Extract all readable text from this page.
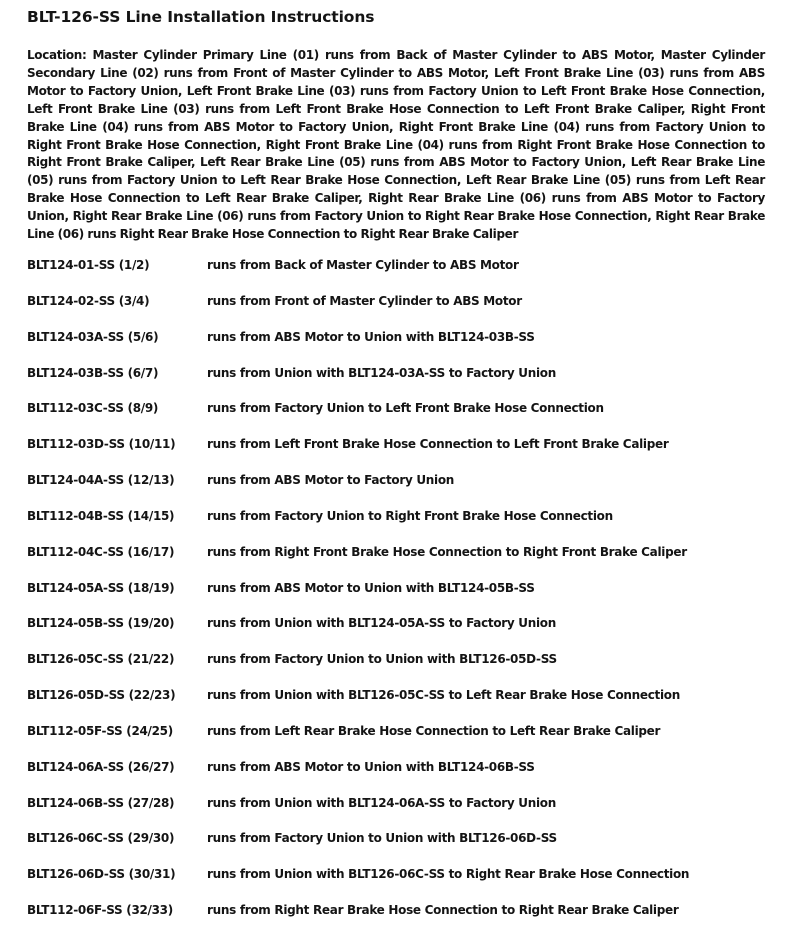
BLT-126-SS Line Installation Instructions

Location: Master Cylinder Primary Line (01) runs from Back of Master Cylinder to ABS Motor, Master Cylinder Secondary Line (02) runs from Front of Master Cylinder to ABS Motor, Left Front Brake Line (03) runs from ABS Motor to Factory Union, Left Front Brake Line (03) runs from Factory Union to Left Front Brake Hose Connection, Left Front Brake Line (03) runs from Left Front Brake Hose Connection to Left Front Brake Caliper, Right Front Brake Line (04) runs from ABS Motor to Factory Union, Right Front Brake Line (04) runs from Factory Union to Right Front Brake Hose Connection, Right Front Brake Line (04) runs from Right Front Brake Hose Connection to Right Front Brake Caliper, Left Rear Brake Line (05) runs from ABS Motor to Factory Union, Left Rear Brake Line (05) runs from Factory Union to Left Rear Brake Hose Connection, Left Rear Brake Line (05) runs from Left Rear Brake Hose Connection to Left Rear Brake Caliper, Right Rear Brake Line (06) runs from ABS Motor to Factory Union, Right Rear Brake Line (06) runs from Factory Union to Right Rear Brake Hose Connection, Right Rear Brake Line (06) runs Right Rear Brake Hose Connection to Right Rear Brake Caliper

BLT124-01-SS (1/2)	runs from Back of Master Cylinder to ABS Motor
BLT124-02-SS (3/4)	runs from Front of Master Cylinder to ABS Motor
BLT124-03A-SS (5/6)	runs from ABS Motor to Union with BLT124-03B-SS
BLT124-03B-SS (6/7)	runs from Union with BLT124-03A-SS to Factory Union
BLT112-03C-SS (8/9)	runs from Factory Union to Left Front Brake Hose Connection
BLT112-03D-SS (10/11)	runs from Left Front Brake Hose Connection to Left Front Brake Caliper
BLT124-04A-SS (12/13)	runs from ABS Motor to Factory Union
BLT112-04B-SS (14/15)	runs from Factory Union to Right Front Brake Hose Connection
BLT112-04C-SS (16/17)	runs from Right Front Brake Hose Connection to Right Front Brake Caliper
BLT124-05A-SS (18/19)	runs from ABS Motor to Union with BLT124-05B-SS
BLT124-05B-SS (19/20)	runs from Union with BLT124-05A-SS to Factory Union
BLT126-05C-SS (21/22)	runs from Factory Union to Union with BLT126-05D-SS
BLT126-05D-SS (22/23)	runs from Union with BLT126-05C-SS to Left Rear Brake Hose Connection
BLT112-05F-SS (24/25)	runs from Left Rear Brake Hose Connection to Left Rear Brake Caliper
BLT124-06A-SS (26/27)	runs from ABS Motor to Union with BLT124-06B-SS
BLT124-06B-SS (27/28)	runs from Union with BLT124-06A-SS to Factory Union
BLT126-06C-SS (29/30)	runs from Factory Union to Union with BLT126-06D-SS
BLT126-06D-SS (30/31)	runs from Union with BLT126-06C-SS to Right Rear Brake Hose Connection
BLT112-06F-SS (32/33)	runs from Right Rear Brake Hose Connection to Right Rear Brake Caliper
